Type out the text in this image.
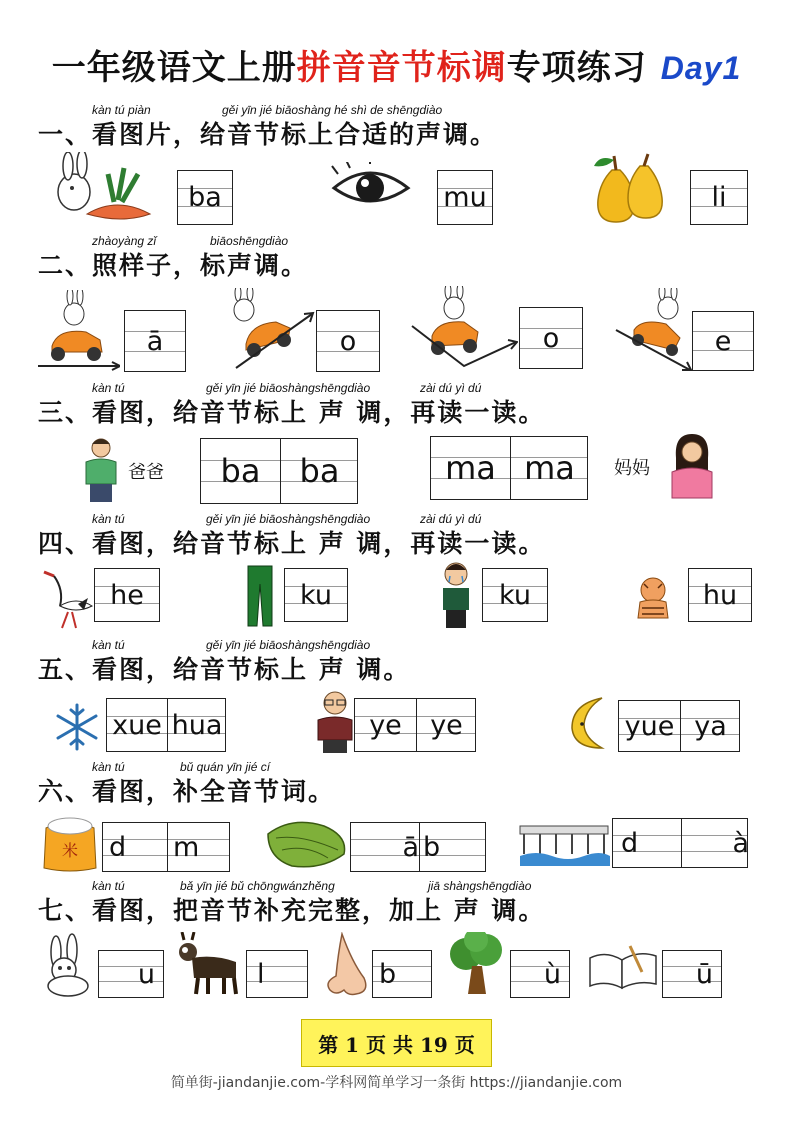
一年级语文上册拼音音节标调专项练习 Day1
kàn tú piàn	gěi yīn jié biāoshàng hé shì de shēngdiào
一、看图片，给音节标上合适的声调。
ba	mu	li
zhàoyàng zǐ	biāoshēngdiào
二、照样子，标声调。
ā	o	o	e
kàn tú	gěi yīn jié biāoshàngshēngdiào	zài dú yì dú
三、看图，给音节标上 声 调，再读一读。
爸爸	ba	ba	ma ma	妈妈
kàn tú	gěi yīn jié biāoshàngshēngdiào	zài dú yì dú
四、看图，给音节标上 声 调，再读一读。
he	ku	ku	hu
kàn tú	gěi yīn jié biāoshàngshēngdiào
五、看图，给音节标上 声 调。
xue hua	ye	ye	yue ya
kàn tú	bǔ quán yīn jié cí
六、看图，补全音节词。
米 d	m	ā b	d	à
kàn tú	bǎ yīn jié bǔ chōngwánzhěng	jiā shàngshēngdiào
七、看图，把音节补充完整，加上 声 调。
u	l	b	ù	ū
第 1 页 共 19 页
简单街-jiandanjie.com-学科网简单学习一条街 https://jiandanjie.com
